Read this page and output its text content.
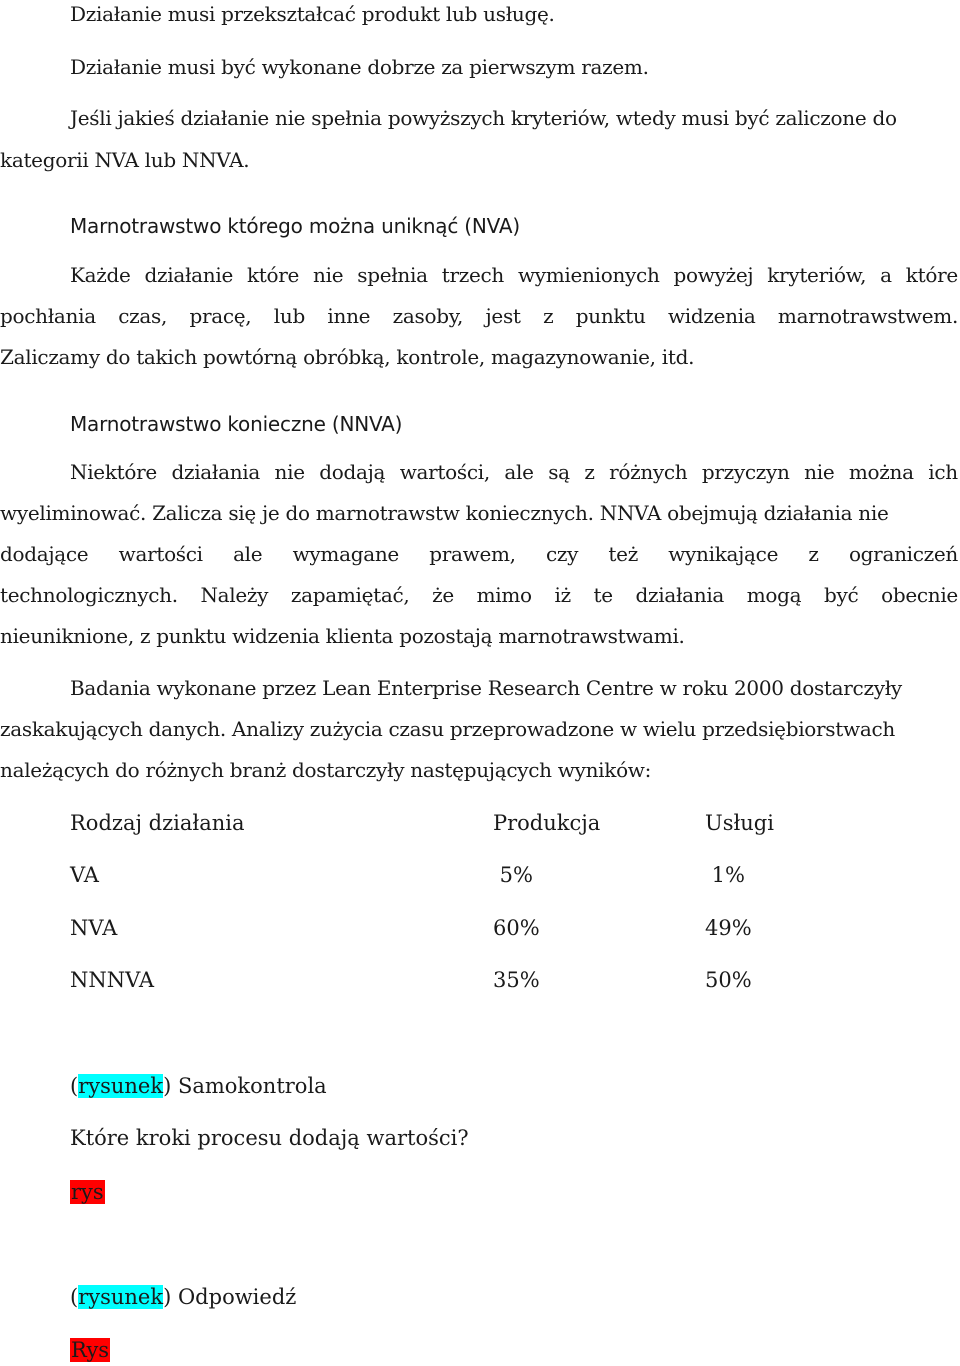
Działanie musi przekształcać produkt lub usługę.
Działanie musi być wykonane dobrze za pierwszym razem.
Jeśli jakieś działanie nie spełnia powyższych kryteriów, wtedy musi być zaliczone do
kategorii NVA lub NNVA.
Marnotrawstwo którego można uniknąć (NVA)
Każde działanie które nie spełnia trzech wymienionych powyżej kryteriów, a które
pochłania czas, pracę, lub inne zasoby, jest z punktu widzenia marnotrawstwem.
Zaliczamy do takich powtórną obróbką, kontrole, magazynowanie, itd.
Marnotrawstwo konieczne (NNVA)
Niektóre działania nie dodają wartości, ale są z różnych przyczyn nie można ich
wyeliminować. Zalicza się je do marnotrawstw koniecznych. NNVA obejmują działania nie
dodające wartości ale wymagane prawem, czy też wynikające z ograniczeń
technologicznych. Należy zapamiętać, że mimo iż te działania mogą być obecnie
nieuniknione, z punktu widzenia klienta pozostają marnotrawstwami.
Badania wykonane przez Lean Enterprise Research Centre w roku 2000 dostarczyły
zaskakujących danych. Analizy zużycia czasu przeprowadzone w wielu przedsiębiorstwach
należących do różnych branż dostarczyły następujących wyników:
Rodzaj działania	Produkcja	Usługi
VA	5%	1%
NVA	60%	49%
NNNVA	35%	50%
(rysunek) Samokontrola
Które kroki procesu dodają wartości?
rys
(rysunek) Odpowiedź
Rys
